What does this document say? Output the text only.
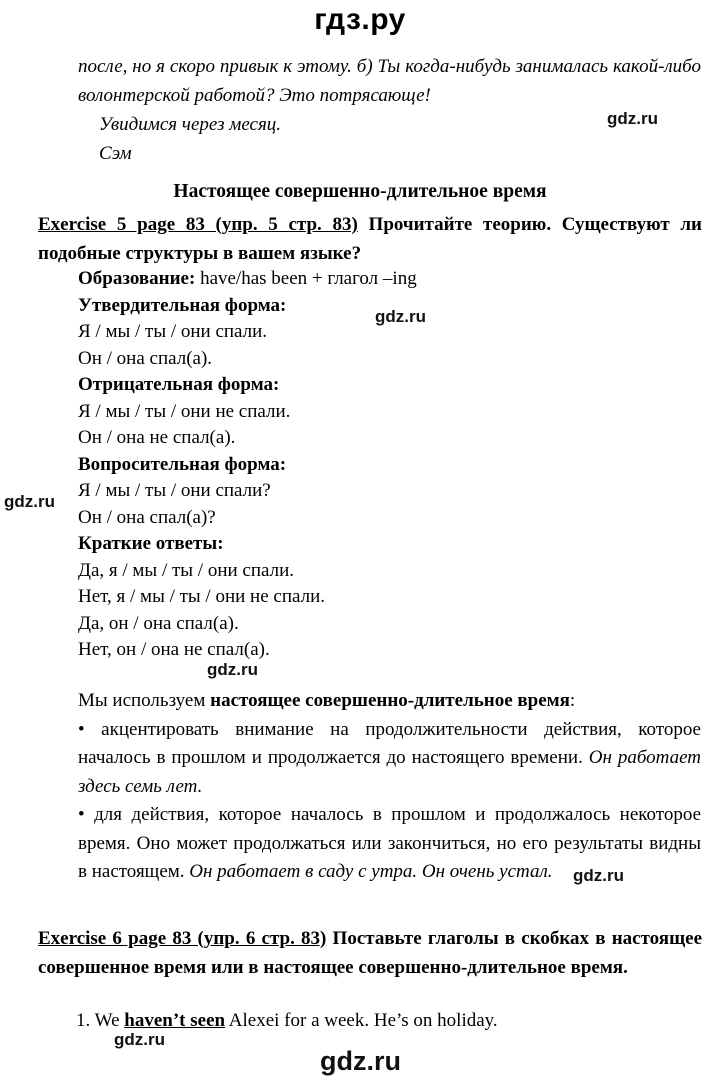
гдз.ру
после, но я скоро привык к этому. б) Ты когда-нибудь занималась какой-либо волонтерской работой? Это потрясающе!
Увидимся через месяц.
Сэм
gdz.ru
Настоящее совершенно-длительное время
Exercise 5 page 83 (упр. 5 стр. 83) Прочитайте теорию. Существуют ли подобные структуры в вашем языке?
Образование: have/has been + глагол –ing
Утвердительная форма:
Я / мы / ты / они спали.
Он / она спал(а).
Отрицательная форма:
Я / мы / ты / они не спали.
Он / она не спал(а).
Вопросительная форма:
Я / мы / ты / они спали?
Он / она спал(а)?
Краткие ответы:
Да, я / мы / ты / они спали.
Нет, я / мы / ты / они не спали.
Да, он / она спал(а).
Нет, он / она не спал(а).
gdz.ru
gdz.ru
gdz.ru

Мы используем настоящее совершенно-длительное время:

• акцентировать внимание на продолжительности действия, которое началось в прошлом и продолжается до настоящего времени. Он работает здесь семь лет.

• для действия, которое началось в прошлом и продолжалось некоторое время. Оно может продолжаться или закончиться, но его результаты видны в настоящем. Он работает в саду с утра. Он очень устал.	gdz.ru
Exercise 6 page 83 (упр. 6 стр. 83) Поставьте глаголы в скобках в настоящее совершенное время или в настоящее совершенно-длительное время.
1. We haven’t seen Alexei for a week. He’s on holiday.
gdz.ru
gdz.ru
